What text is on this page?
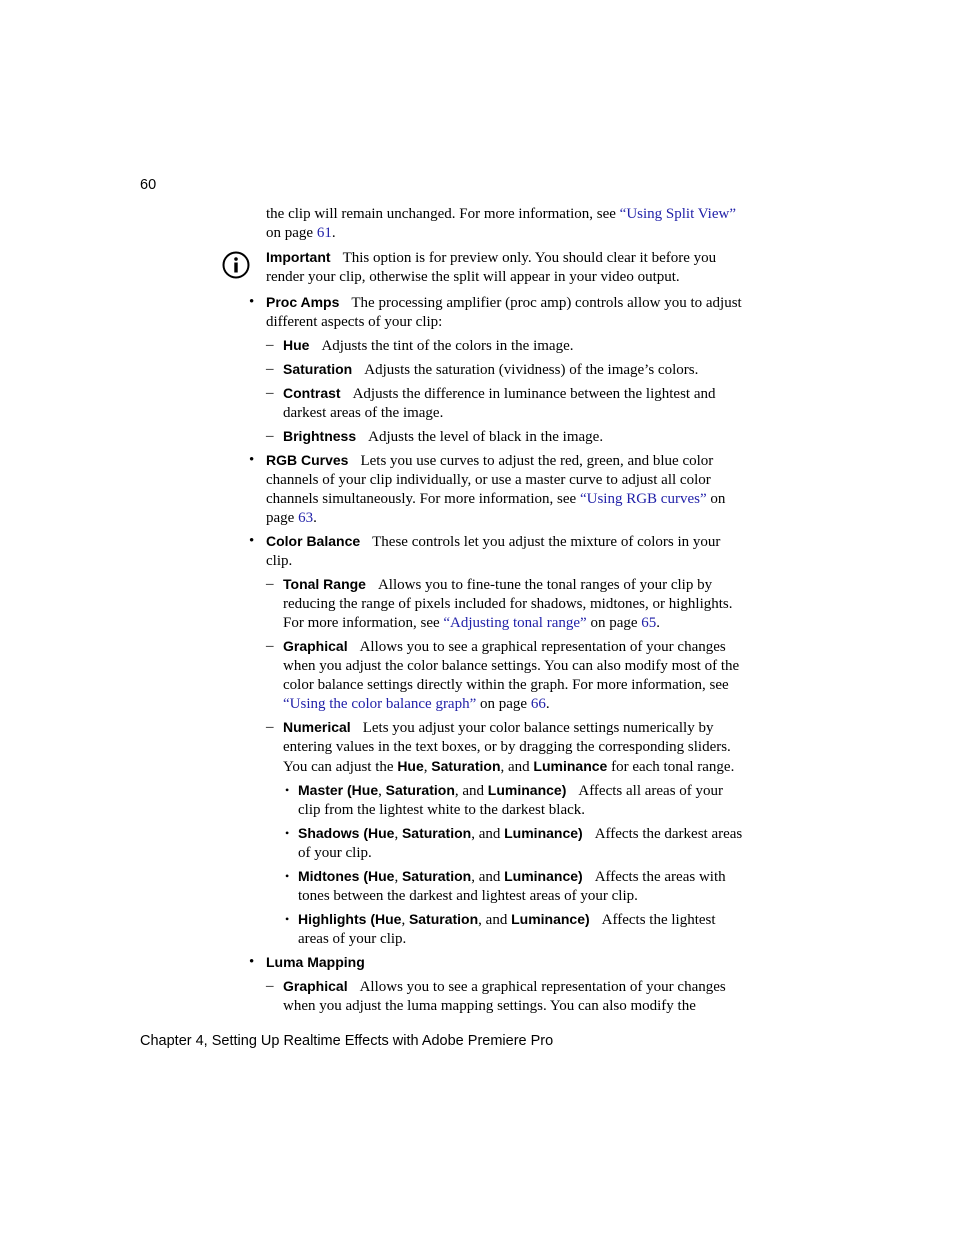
60

the clip will remain unchanged. For more information, see “Using Split View” on page 61.

Important This option is for preview only. You should clear it before you render your clip, otherwise the split will appear in your video output.
• Proc Amps The processing amplifier (proc amp) controls allow you to adjust different aspects of your clip:
– Hue Adjusts the tint of the colors in the image.
– Saturation Adjusts the saturation (vividness) of the image’s colors.
– Contrast Adjusts the difference in luminance between the lightest and darkest areas of the image.
– Brightness Adjusts the level of black in the image.
• RGB Curves Lets you use curves to adjust the red, green, and blue color channels of your clip individually, or use a master curve to adjust all color channels simultaneously. For more information, see “Using RGB curves” on page 63.
• Color Balance These controls let you adjust the mixture of colors in your clip.
– Tonal Range Allows you to fine-tune the tonal ranges of your clip by reducing the range of pixels included for shadows, midtones, or highlights. For more information, see “Adjusting tonal range” on page 65.
– Graphical Allows you to see a graphical representation of your changes when you adjust the color balance settings. You can also modify most of the color balance settings directly within the graph. For more information, see “Using the color balance graph” on page 66.
– Numerical Lets you adjust your color balance settings numerically by entering values in the text boxes, or by dragging the corresponding sliders. You can adjust the Hue, Saturation, and Luminance for each tonal range.
• Master (Hue, Saturation, and Luminance) Affects all areas of your clip from the lightest white to the darkest black.
• Shadows (Hue, Saturation, and Luminance) Affects the darkest areas of your clip.
• Midtones (Hue, Saturation, and Luminance) Affects the areas with tones between the darkest and lightest areas of your clip.
• Highlights (Hue, Saturation, and Luminance) Affects the lightest areas of your clip.
• Luma Mapping
– Graphical Allows you to see a graphical representation of your changes when you adjust the luma mapping settings. You can also modify the
Chapter 4, Setting Up Realtime Effects with Adobe Premiere Pro
